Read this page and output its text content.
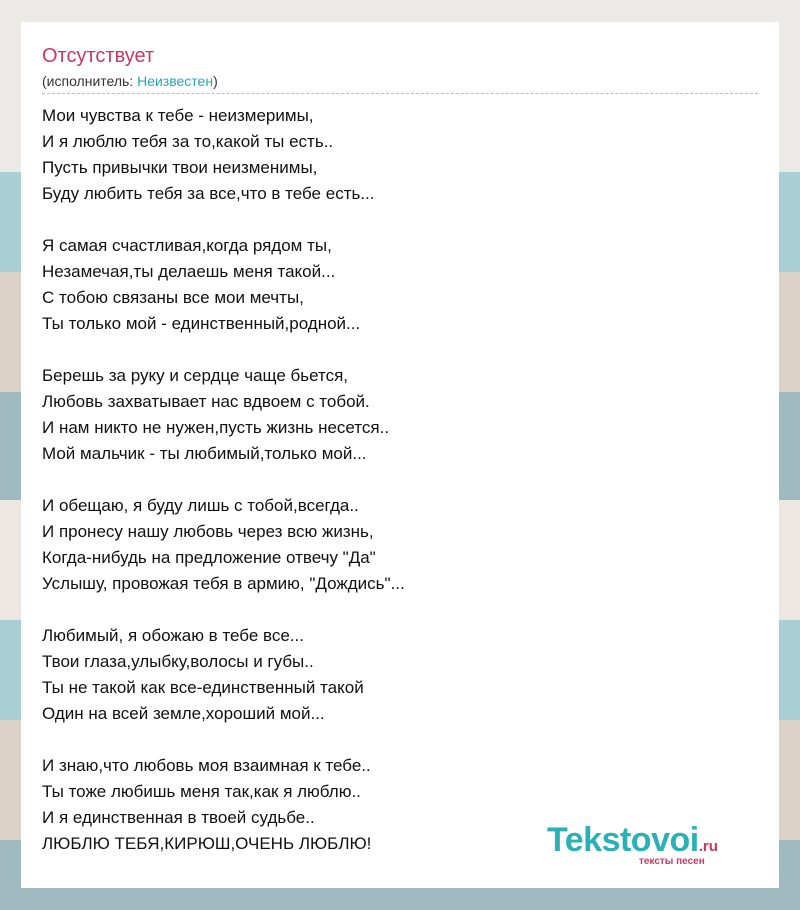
Отсутствует
(исполнитель: Неизвестен)
Мои чувства к тебе - неизмеримы,
И я люблю тебя за то,какой ты есть..
Пусть привычки твои неизменимы,
Буду любить тебя за все,что в тебе есть...
Я самая счастливая,когда рядом ты,
Незамечая,ты делаешь меня такой...
С тобою связаны все мои мечты,
Ты только мой - единственный,родной...
Берешь за руку и сердце чаще бьется,
Любовь захватывает нас вдвоем с тобой.
И нам никто не нужен,пусть жизнь несется..
Мой мальчик - ты любимый,только мой...
И обещаю, я буду лишь с тобой,всегда..
И пронесу нашу любовь через всю жизнь,
Когда-нибудь на предложение отвечу "Да"
Услышу, провожая тебя в армию, "Дождись"...
Любимый, я обожаю в тебе все...
Твои глаза,улыбку,волосы и губы..
Ты не такой как все-единственный такой
Один на всей земле,хороший мой...
И знаю,что любовь моя взаимная к тебе..
Ты тоже любишь меня так,как я люблю..
И я единственная в твоей судьбе..
ЛЮБЛЮ ТЕБЯ,КИРЮШ,ОЧЕНЬ ЛЮБЛЮ!	Tekstovoi.ru
тексты песен
